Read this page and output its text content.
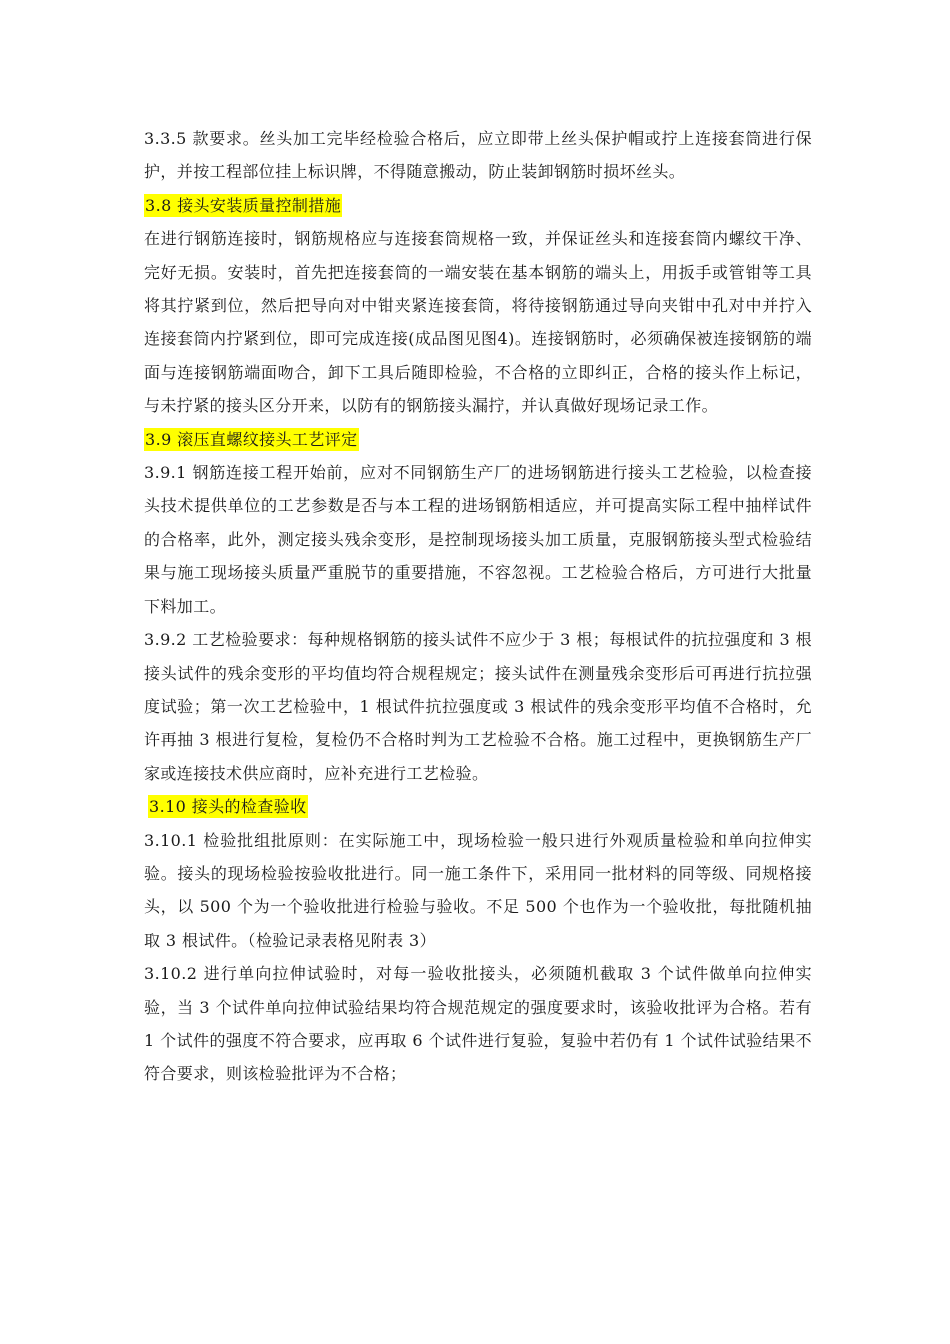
3.3.5 款要求。丝头加工完毕经检验合格后，应立即带上丝头保护帽或拧上连接套筒进行保护，并按工程部位挂上标识牌，不得随意搬动，防止装卸钢筋时损坏丝头。

3.8 接头安装质量控制措施

在进行钢筋连接时，钢筋规格应与连接套筒规格一致，并保证丝头和连接套筒内螺纹干净、完好无损。安装时，首先把连接套筒的一端安装在基本钢筋的端头上，用扳手或管钳等工具将其拧紧到位，然后把导向对中钳夹紧连接套筒，将待接钢筋通过导向夹钳中孔对中并拧入连接套筒内拧紧到位，即可完成连接(成品图见图4)。连接钢筋时，必须确保被连接钢筋的端面与连接钢筋端面吻合，卸下工具后随即检验，不合格的立即纠正，合格的接头作上标记，与未拧紧的接头区分开来，以防有的钢筋接头漏拧，并认真做好现场记录工作。

3.9 滚压直螺纹接头工艺评定

3.9.1 钢筋连接工程开始前，应对不同钢筋生产厂的进场钢筋进行接头工艺检验，以检查接头技术提供单位的工艺参数是否与本工程的进场钢筋相适应，并可提高实际工程中抽样试件的合格率，此外，测定接头残余变形，是控制现场接头加工质量，克服钢筋接头型式检验结果与施工现场接头质量严重脱节的重要措施，不容忽视。工艺检验合格后，方可进行大批量下料加工。

3.9.2 工艺检验要求：每种规格钢筋的接头试件不应少于 3 根；每根试件的抗拉强度和 3 根接头试件的残余变形的平均值均符合规程规定；接头试件在测量残余变形后可再进行抗拉强度试验；第一次工艺检验中，1 根试件抗拉强度或 3 根试件的残余变形平均值不合格时，允许再抽 3 根进行复检，复检仍不合格时判为工艺检验不合格。施工过程中，更换钢筋生产厂家或连接技术供应商时，应补充进行工艺检验。

3.10 接头的检查验收

3.10.1 检验批组批原则：在实际施工中，现场检验一般只进行外观质量检验和单向拉伸实验。接头的现场检验按验收批进行。同一施工条件下，采用同一批材料的同等级、同规格接头，以 500 个为一个验收批进行检验与验收。不足 500 个也作为一个验收批，每批随机抽取 3 根试件。（检验记录表格见附表 3）

3.10.2 进行单向拉伸试验时，对每一验收批接头，必须随机截取 3 个试件做单向拉伸实验，当 3 个试件单向拉伸试验结果均符合规范规定的强度要求时，该验收批评为合格。若有 1 个试件的强度不符合要求，应再取 6 个试件进行复验，复验中若仍有 1 个试件试验结果不符合要求，则该检验批评为不合格；
